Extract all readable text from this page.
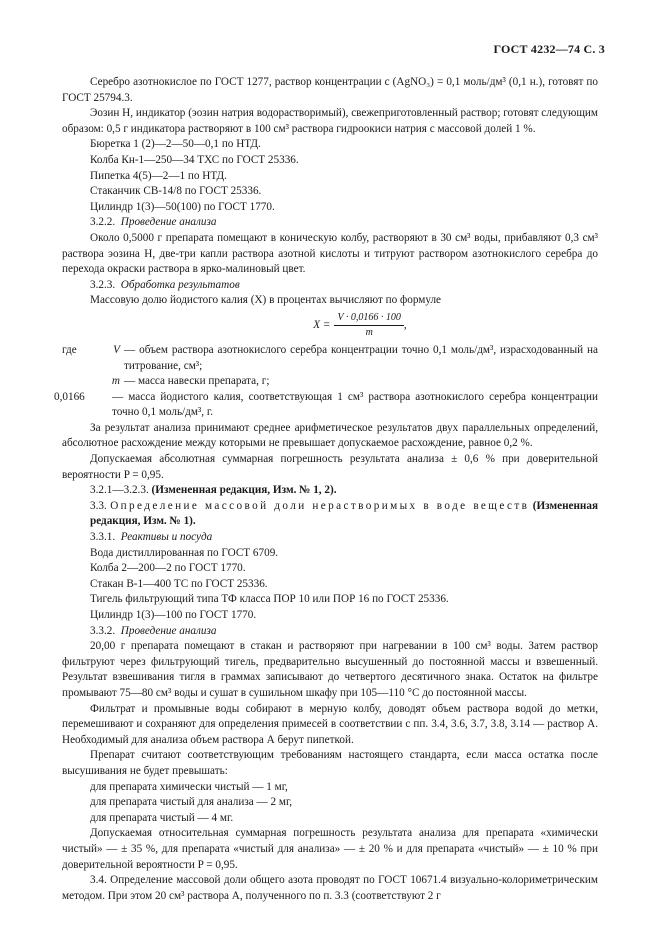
ГОСТ 4232—74 С. 3

Серебро азотнокислое по ГОСТ 1277, раствор концентрации c (AgNO₃) = 0,1 моль/дм³ (0,1 н.), готовят по ГОСТ 25794.3.

Эозин Н, индикатор (эозин натрия водорастворимый), свежеприготовленный раствор; готовят следующим образом: 0,5 г индикатора растворяют в 100 см³ раствора гидроокиси натрия с массовой долей 1 %.

Бюретка 1 (2)—2—50—0,1 по НТД.

Колба Кн-1—250—34 ТХС по ГОСТ 25336.

Пипетка 4(5)—2—1 по НТД.

Стаканчик СВ-14/8 по ГОСТ 25336.

Цилиндр 1(3)—50(100) по ГОСТ 1770.

3.2.2. Проведение анализа

Около 0,5000 г препарата помещают в коническую колбу, растворяют в 30 см³ воды, прибавляют 0,3 см³ раствора эозина Н, две-три капли раствора азотной кислоты и титруют раствором азотнокислого серебра до перехода окраски раствора в ярко-малиновый цвет.

3.2.3. Обработка результатов

Массовую долю йодистого калия (X) в процентах вычисляют по формуле

$X = \frac{V \cdot 0,0166 \cdot 100}{m}$ ,
где	V — объем раствора азотнокислого серебра концентрации точно 0,1 моль/дм³, израсходованный на титрование, см³;
m — масса навески препарата, г;
0,0166	— масса йодистого калия, соответствующая 1 см³ раствора азотнокислого серебра концентрации точно 0,1 моль/дм³, г.

За результат анализа принимают среднее арифметическое результатов двух параллельных определений, абсолютное расхождение между которыми не превышает допускаемое расхождение, равное 0,2 %.

Допускаемая абсолютная суммарная погрешность результата анализа ± 0,6 % при доверительной вероятности P = 0,95.

3.2.1—3.2.3. (Измененная редакция, Изм. № 1, 2).

3.3. Определение массовой доли нерастворимых в воде веществ (Измененная редакция, Изм. № 1).

3.3.1. Реактивы и посуда

Вода дистиллированная по ГОСТ 6709.

Колба 2—200—2 по ГОСТ 1770.

Стакан В-1—400 ТС по ГОСТ 25336.

Тигель фильтрующий типа ТФ класса ПОР 10 или ПОР 16 по ГОСТ 25336.

Цилиндр 1(3)—100 по ГОСТ 1770.

3.3.2. Проведение анализа

20,00 г препарата помещают в стакан и растворяют при нагревании в 100 см³ воды. Затем раствор фильтруют через фильтрующий тигель, предварительно высушенный до постоянной массы и взвешенный. Результат взвешивания тигля в граммах записывают до четвертого десятичного знака. Остаток на фильтре промывают 75—80 см³ воды и сушат в сушильном шкафу при 105—110 °С до постоянной массы.

Фильтрат и промывные воды собирают в мерную колбу, доводят объем раствора водой до метки, перемешивают и сохраняют для определения примесей в соответствии с пп. 3.4, 3.6, 3.7, 3.8, 3.14 — раствор А. Необходимый для анализа объем раствора А берут пипеткой.

Препарат считают соответствующим требованиям настоящего стандарта, если масса остатка после высушивания не будет превышать:

для препарата химически чистый — 1 мг,

для препарата чистый для анализа — 2 мг,

для препарата чистый — 4 мг.

Допускаемая относительная суммарная погрешность результата анализа для препарата «химически чистый» — ± 35 %, для препарата «чистый для анализа» — ± 20 % и для препарата «чистый» — ± 10 % при доверительной вероятности P = 0,95.

3.4. Определение массовой доли общего азота проводят по ГОСТ 10671.4 визуально-колориметрическим методом. При этом 20 см³ раствора А, полученного по п. 3.3 (соответствуют 2 г
